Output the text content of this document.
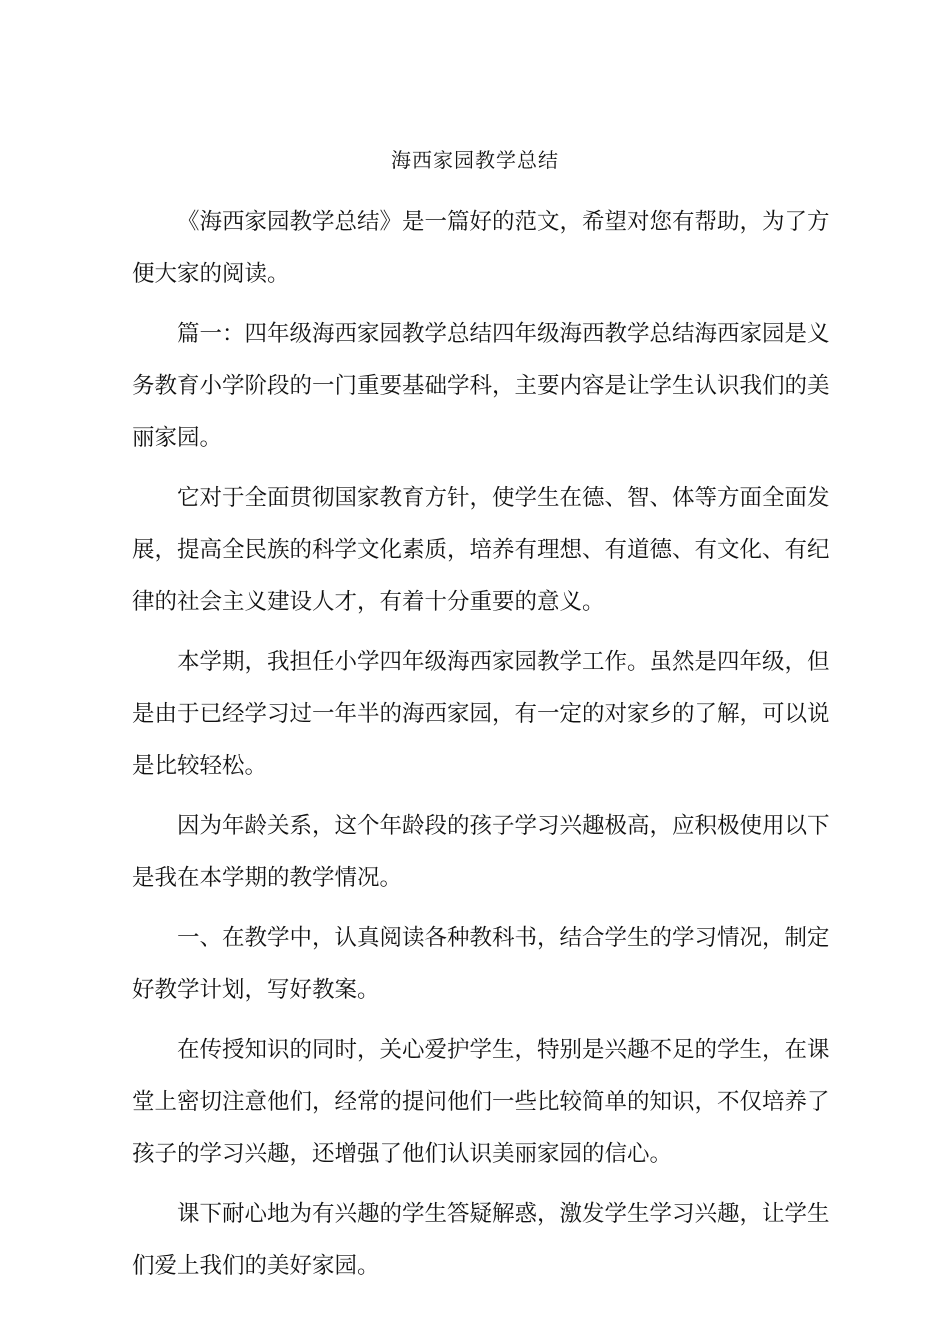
海西家园教学总结

《海西家园教学总结》是一篇好的范文，希望对您有帮助，为了方
便大家的阅读。

篇一：四年级海西家园教学总结四年级海西教学总结海西家园是义
务教育小学阶段的一门重要基础学科，主要内容是让学生认识我们的美
丽家园。

它对于全面贯彻国家教育方针，使学生在德、智、体等方面全面发
展，提高全民族的科学文化素质，培养有理想、有道德、有文化、有纪
律的社会主义建设人才，有着十分重要的意义。

本学期，我担任小学四年级海西家园教学工作。虽然是四年级，但
是由于已经学习过一年半的海西家园，有一定的对家乡的了解，可以说
是比较轻松。

因为年龄关系，这个年龄段的孩子学习兴趣极高，应积极使用以下
是我在本学期的教学情况。

一、在教学中，认真阅读各种教科书，结合学生的学习情况，制定
好教学计划，写好教案。

在传授知识的同时，关心爱护学生，特别是兴趣不足的学生，在课
堂上密切注意他们，经常的提问他们一些比较简单的知识，不仅培养了
孩子的学习兴趣，还增强了他们认识美丽家园的信心。

课下耐心地为有兴趣的学生答疑解惑，激发学生学习兴趣，让学生
们爱上我们的美好家园。
